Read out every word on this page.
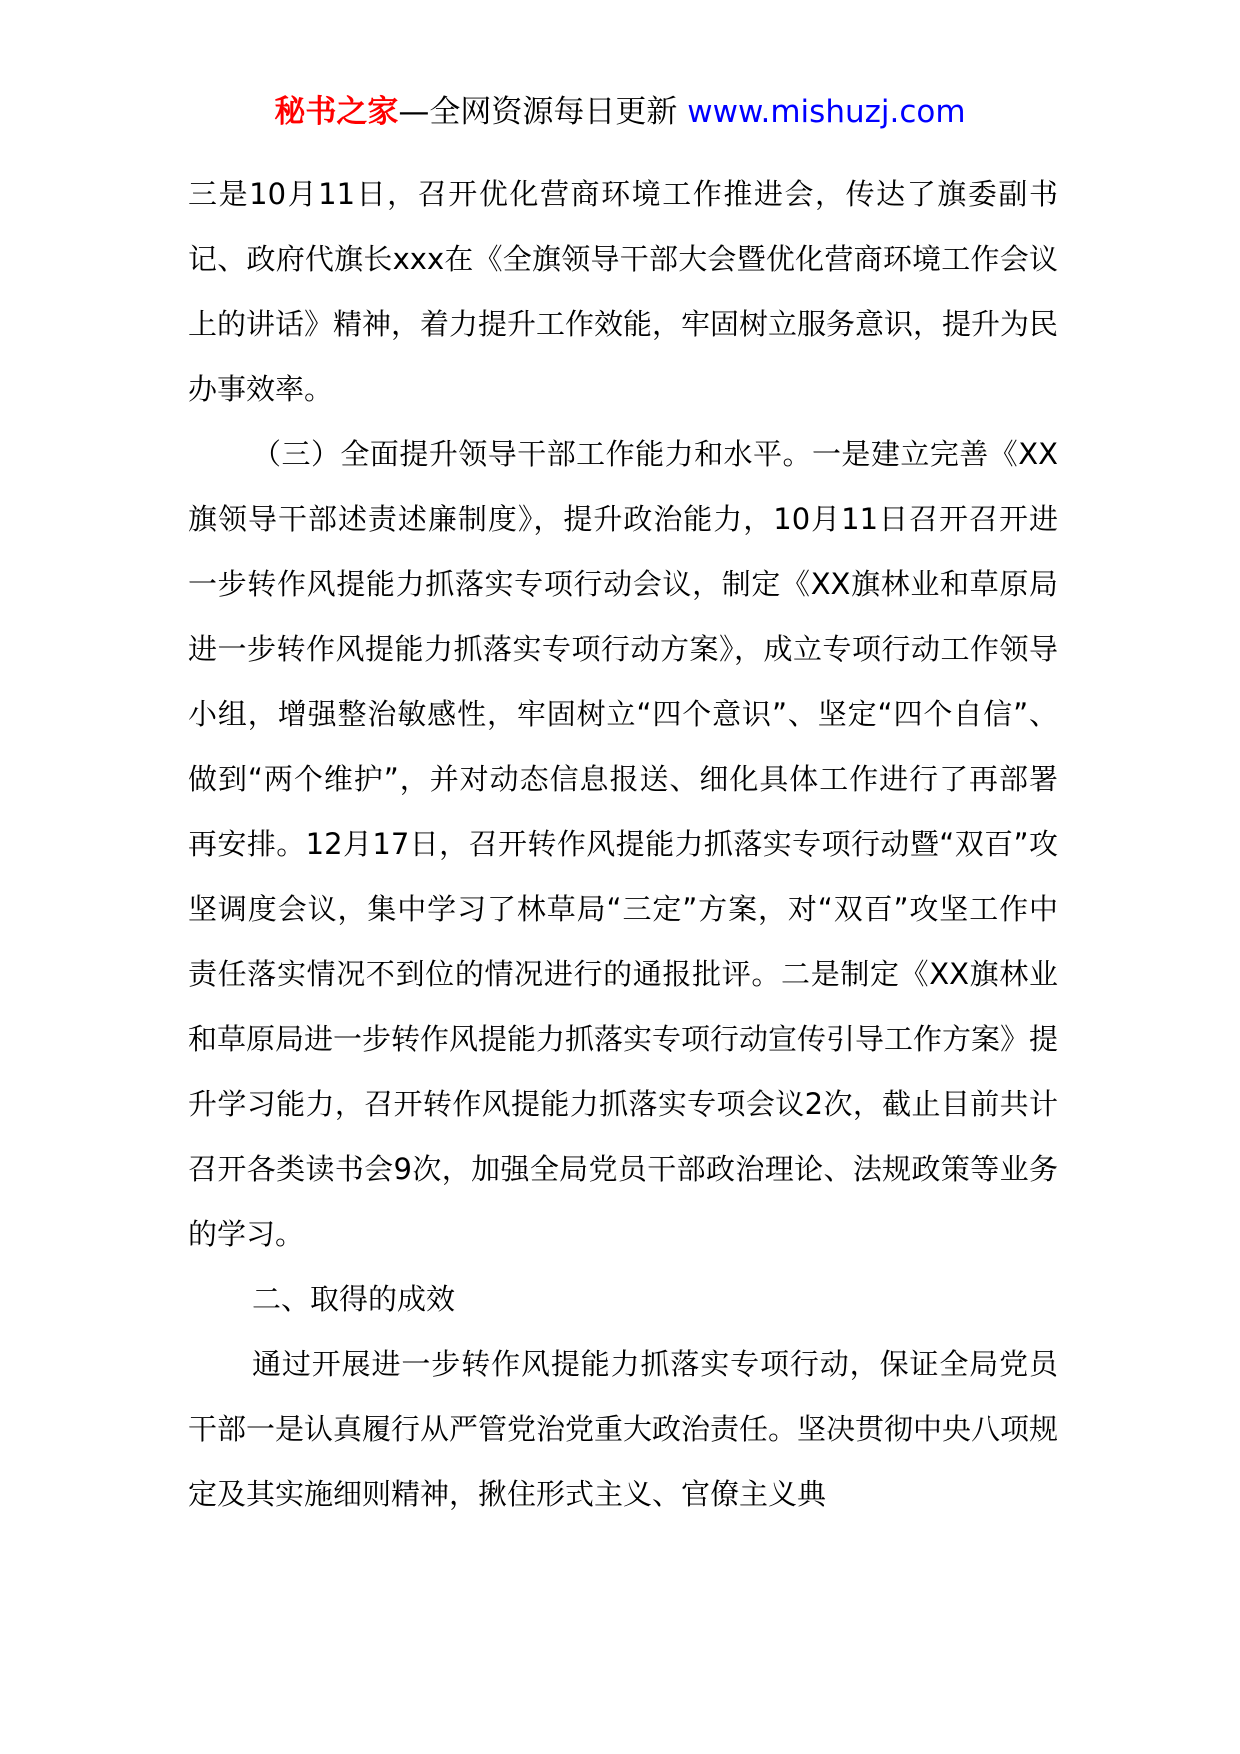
秘书之家—全网资源每日更新 www.mishuzj.com

三是10月11日，召开优化营商环境工作推进会，传达了旗委副书记、政府代旗长xxx在《全旗领导干部大会暨优化营商环境工作会议上的讲话》精神，着力提升工作效能，牢固树立服务意识，提升为民办事效率。

（三）全面提升领导干部工作能力和水平。一是建立完善《XX旗领导干部述责述廉制度》，提升政治能力，10月11日召开召开进一步转作风提能力抓落实专项行动会议，制定《XX旗林业和草原局进一步转作风提能力抓落实专项行动方案》，成立专项行动工作领导小组，增强整治敏感性，牢固树立“四个意识”、坚定“四个自信”、做到“两个维护”，并对动态信息报送、细化具体工作进行了再部署再安排。12月17日，召开转作风提能力抓落实专项行动暨“双百”攻坚调度会议，集中学习了林草局“三定”方案，对“双百”攻坚工作中责任落实情况不到位的情况进行的通报批评。二是制定《XX旗林业和草原局进一步转作风提能力抓落实专项行动宣传引导工作方案》提升学习能力，召开转作风提能力抓落实专项会议2次，截止目前共计召开各类读书会9次，加强全局党员干部政治理论、法规政策等业务的学习。

二、取得的成效

通过开展进一步转作风提能力抓落实专项行动，保证全局党员干部一是认真履行从严管党治党重大政治责任。坚决贯彻中央八项规定及其实施细则精神，揪住形式主义、官僚主义典
